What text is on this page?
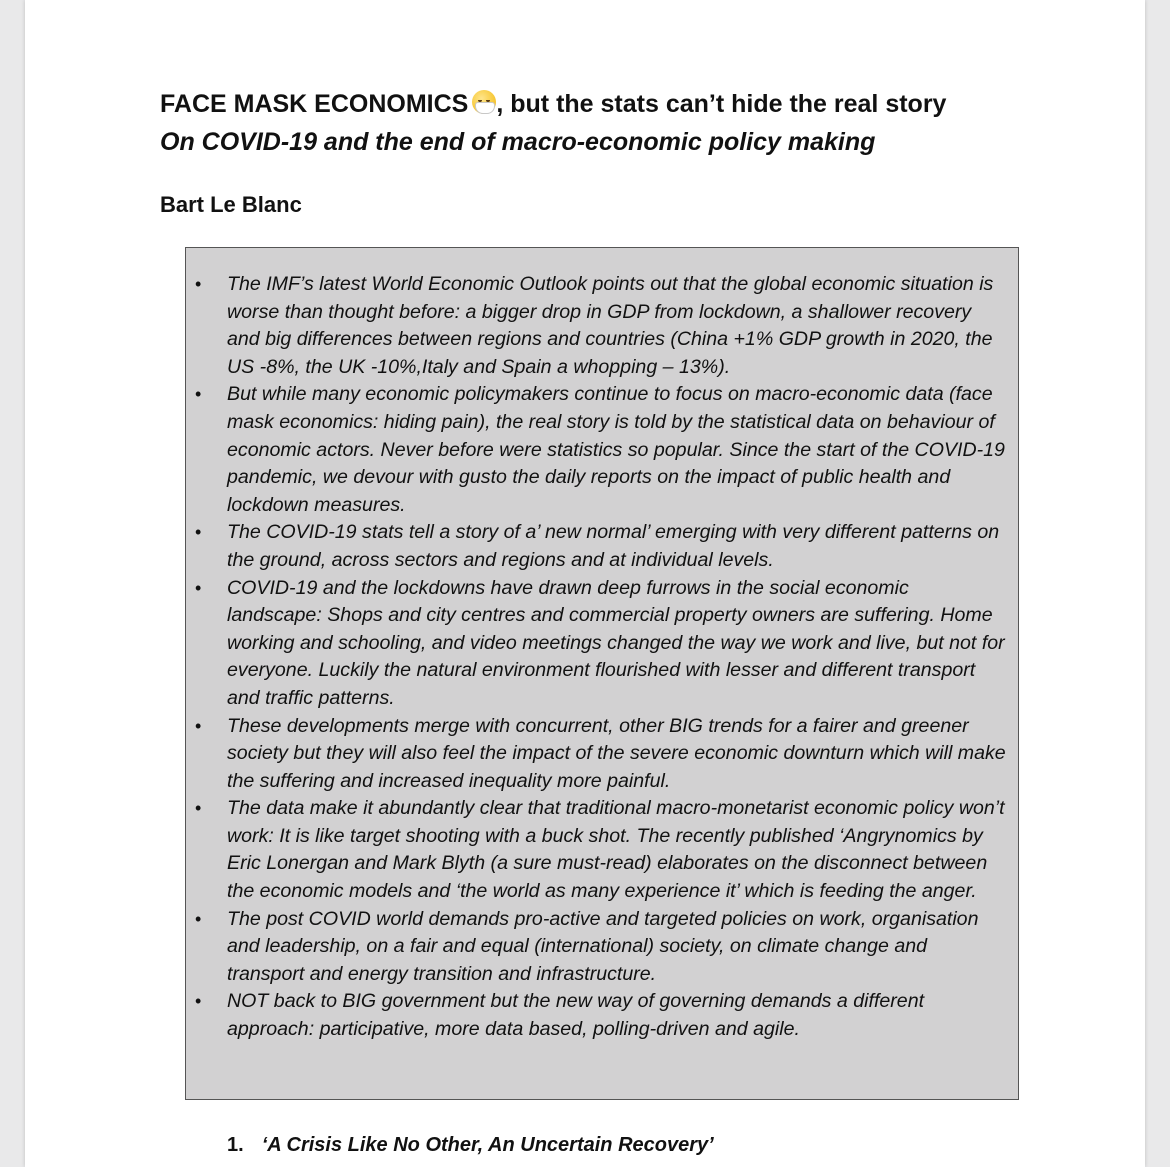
FACE MASK ECONOMICS , but the stats can’t hide the real story
On COVID-19 and the end of macro-economic policy making
Bart Le Blanc
• The IMF’s latest World Economic Outlook points out that the global economic situation is worse than thought before: a bigger drop in GDP from lockdown, a shallower recovery and big differences between regions and countries (China +1% GDP growth in 2020, the US -8%, the UK -10%,Italy and Spain a whopping – 13%).
• But while many economic policymakers continue to focus on macro-economic data (face mask economics: hiding pain), the real story is told by the statistical data on behaviour of economic actors. Never before were statistics so popular. Since the start of the COVID-19 pandemic, we devour with gusto the daily reports on the impact of public health and lockdown measures.
• The COVID-19 stats tell a story of a’ new normal’ emerging with very different patterns on the ground, across sectors and regions and at individual levels.
• COVID-19 and the lockdowns have drawn deep furrows in the social economic landscape: Shops and city centres and commercial property owners are suffering. Home working and schooling, and video meetings changed the way we work and live, but not for everyone. Luckily the natural environment flourished with lesser and different transport and traffic patterns.
• These developments merge with concurrent, other BIG trends for a fairer and greener society but they will also feel the impact of the severe economic downturn which will make the suffering and increased inequality more painful.
• The data make it abundantly clear that traditional macro-monetarist economic policy won’t work: It is like target shooting with a buck shot. The recently published ‘Angrynomics by Eric Lonergan and Mark Blyth (a sure must-read) elaborates on the disconnect between the economic models and ‘the world as many experience it’ which is feeding the anger.
• The post COVID world demands pro-active and targeted policies on work, organisation and leadership, on a fair and equal (international) society, on climate change and transport and energy transition and infrastructure.
• NOT back to BIG government but the new way of governing demands a different approach: participative, more data based, polling-driven and agile.
1. ‘A Crisis Like No Other, An Uncertain Recovery’
